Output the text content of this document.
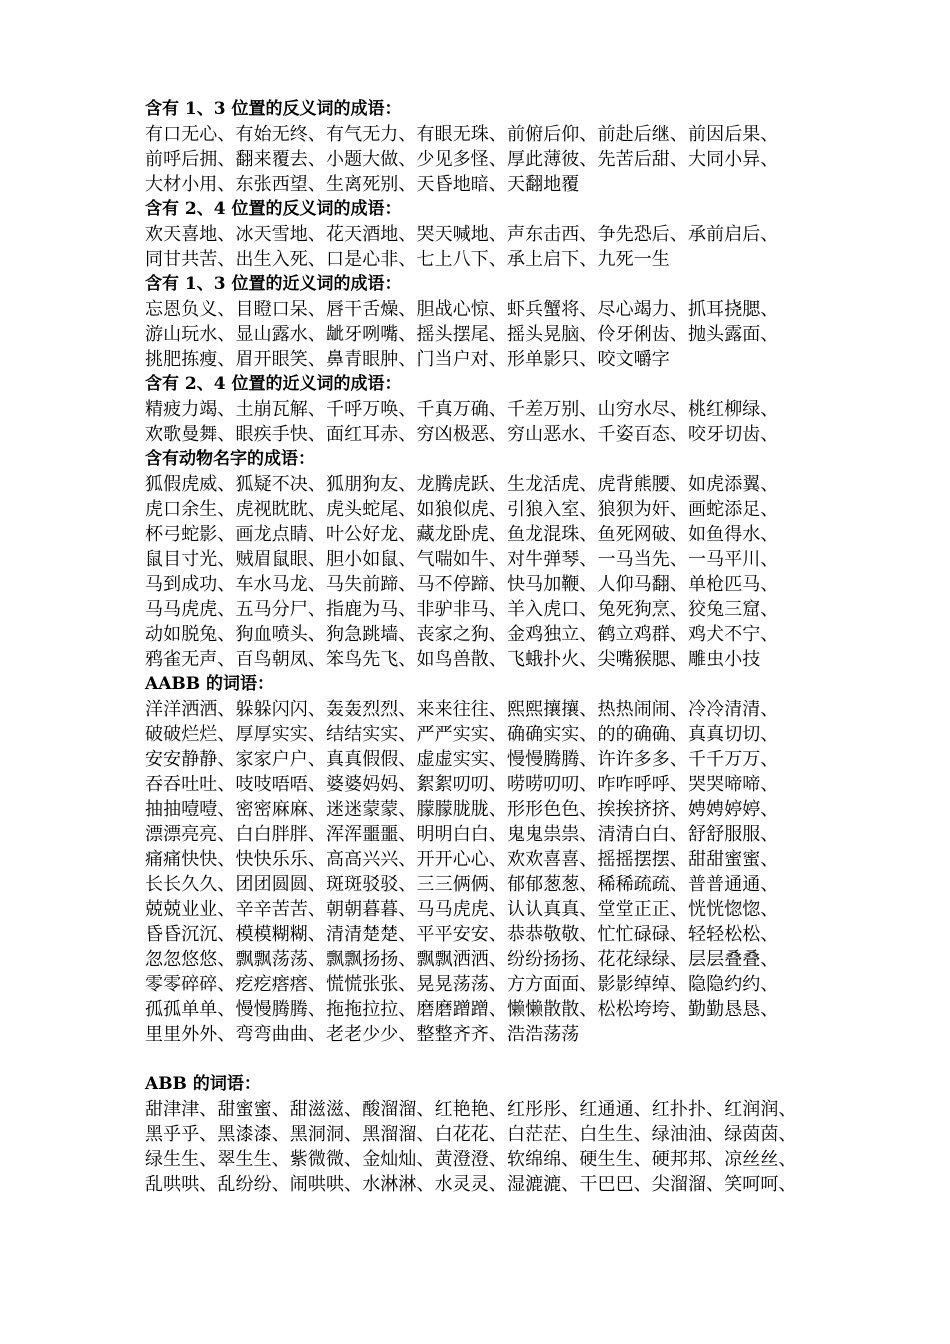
含有 1、3 位置的反义词的成语：
有口无心、有始无终、有气无力、有眼无珠、前俯后仰、前赴后继、前因后果、
前呼后拥、翻来覆去、小题大做、少见多怪、厚此薄彼、先苦后甜、大同小异、
大材小用、东张西望、生离死别、天昏地暗、天翻地覆
含有 2、4 位置的反义词的成语：
欢天喜地、冰天雪地、花天酒地、哭天喊地、声东击西、争先恐后、承前启后、
同甘共苦、出生入死、口是心非、七上八下、承上启下、九死一生
含有 1、3 位置的近义词的成语：
忘恩负义、目瞪口呆、唇干舌燥、胆战心惊、虾兵蟹将、尽心竭力、抓耳挠腮、
游山玩水、显山露水、龇牙咧嘴、摇头摆尾、摇头晃脑、伶牙俐齿、抛头露面、
挑肥拣瘦、眉开眼笑、鼻青眼肿、门当户对、形单影只、咬文嚼字
含有 2、4 位置的近义词的成语：
精疲力竭、土崩瓦解、千呼万唤、千真万确、千差万别、山穷水尽、桃红柳绿、
欢歌曼舞、眼疾手快、面红耳赤、穷凶极恶、穷山恶水、千姿百态、咬牙切齿、
含有动物名字的成语：
狐假虎威、狐疑不决、狐朋狗友、龙腾虎跃、生龙活虎、虎背熊腰、如虎添翼、
虎口余生、虎视眈眈、虎头蛇尾、如狼似虎、引狼入室、狼狈为奸、画蛇添足、
杯弓蛇影、画龙点睛、叶公好龙、藏龙卧虎、鱼龙混珠、鱼死网破、如鱼得水、
鼠目寸光、贼眉鼠眼、胆小如鼠、气喘如牛、对牛弹琴、一马当先、一马平川、
马到成功、车水马龙、马失前蹄、马不停蹄、快马加鞭、人仰马翻、单枪匹马、
马马虎虎、五马分尸、指鹿为马、非驴非马、羊入虎口、兔死狗烹、狡兔三窟、
动如脱兔、狗血喷头、狗急跳墙、丧家之狗、金鸡独立、鹤立鸡群、鸡犬不宁、
鸦雀无声、百鸟朝凤、笨鸟先飞、如鸟兽散、飞蛾扑火、尖嘴猴腮、雕虫小技
AABB 的词语：
洋洋洒洒、躲躲闪闪、轰轰烈烈、来来往往、熙熙攘攘、热热闹闹、冷冷清清、
破破烂烂、厚厚实实、结结实实、严严实实、确确实实、的的确确、真真切切、
安安静静、家家户户、真真假假、虚虚实实、慢慢腾腾、许许多多、千千万万、
吞吞吐吐、吱吱唔唔、婆婆妈妈、絮絮叨叨、唠唠叨叨、咋咋呼呼、哭哭啼啼、
抽抽噎噎、密密麻麻、迷迷蒙蒙、朦朦胧胧、形形色色、挨挨挤挤、娉娉婷婷、
漂漂亮亮、白白胖胖、浑浑噩噩、明明白白、鬼鬼祟祟、清清白白、舒舒服服、
痛痛快快、快快乐乐、高高兴兴、开开心心、欢欢喜喜、摇摇摆摆、甜甜蜜蜜、
长长久久、团团圆圆、斑斑驳驳、三三俩俩、郁郁葱葱、稀稀疏疏、普普通通、
兢兢业业、辛辛苦苦、朝朝暮暮、马马虎虎、认认真真、堂堂正正、恍恍惚惚、
昏昏沉沉、模模糊糊、清清楚楚、平平安安、恭恭敬敬、忙忙碌碌、轻轻松松、
忽忽悠悠、飘飘荡荡、飘飘扬扬、飘飘洒洒、纷纷扬扬、花花绿绿、层层叠叠、
零零碎碎、疙疙瘩瘩、慌慌张张、晃晃荡荡、方方面面、影影绰绰、隐隐约约、
孤孤单单、慢慢腾腾、拖拖拉拉、磨磨蹭蹭、懒懒散散、松松垮垮、勤勤恳恳、
里里外外、弯弯曲曲、老老少少、整整齐齐、浩浩荡荡
ABB 的词语：
甜津津、甜蜜蜜、甜滋滋、酸溜溜、红艳艳、红彤彤、红通通、红扑扑、红润润、
黑乎乎、黑漆漆、黑洞洞、黑溜溜、白花花、白茫茫、白生生、绿油油、绿茵茵、
绿生生、翠生生、紫微微、金灿灿、黄澄澄、软绵绵、硬生生、硬邦邦、凉丝丝、
乱哄哄、乱纷纷、闹哄哄、水淋淋、水灵灵、湿漉漉、干巴巴、尖溜溜、笑呵呵、
